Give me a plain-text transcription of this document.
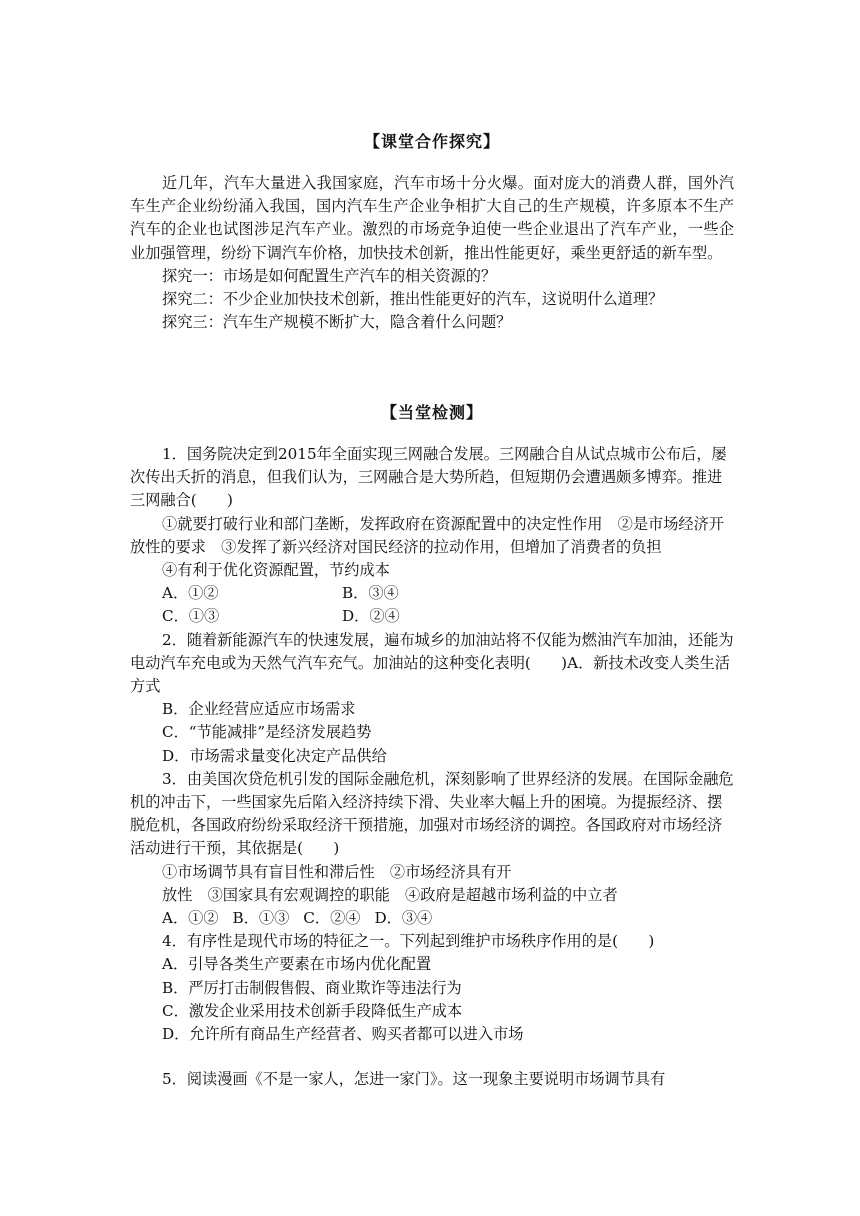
【课堂合作探究】

近几年，汽车大量进入我国家庭，汽车市场十分火爆。面对庞大的消费人群，国外汽车生产企业纷纷涌入我国，国内汽车生产企业争相扩大自己的生产规模，许多原本不生产汽车的企业也试图涉足汽车产业。激烈的市场竞争迫使一些企业退出了汽车产业，一些企业加强管理，纷纷下调汽车价格，加快技术创新，推出性能更好，乘坐更舒适的新车型。

探究一：市场是如何配置生产汽车的相关资源的？

探究二：不少企业加快技术创新，推出性能更好的汽车，这说明什么道理？

探究三：汽车生产规模不断扩大，隐含着什么问题？

【当堂检测】

1．国务院决定到2015年全面实现三网融合发展。三网融合自从试点城市公布后，屡次传出夭折的消息，但我们认为，三网融合是大势所趋，但短期仍会遭遇颇多博弈。推进三网融合(　　)

①就要打破行业和部门垄断，发挥政府在资源配置中的决定性作用　②是市场经济开放性的要求　③发挥了新兴经济对国民经济的拉动作用，但增加了消费者的负担

④有利于优化资源配置，节约成本

A．①②	B．③④
C．①③	D．②④

2．随着新能源汽车的快速发展，遍布城乡的加油站将不仅能为燃油汽车加油，还能为电动汽车充电或为天然气汽车充气。加油站的这种变化表明(　　)A．新技术改变人类生活方式

B．企业经营应适应市场需求

C．“节能减排”是经济发展趋势

D．市场需求量变化决定产品供给

3．由美国次贷危机引发的国际金融危机，深刻影响了世界经济的发展。在国际金融危机的冲击下，一些国家先后陷入经济持续下滑、失业率大幅上升的困境。为提振经济、摆脱危机，各国政府纷纷采取经济干预措施，加强对市场经济的调控。各国政府对市场经济活动进行干预，其依据是(　　)

①市场调节具有盲目性和滞后性　②市场经济具有开

放性　③国家具有宏观调控的职能　④政府是超越市场利益的中立者

A．①② B．①③ C．②④ D．③④

4．有序性是现代市场的特征之一。下列起到维护市场秩序作用的是(　　)

A．引导各类生产要素在市场内优化配置

B．严厉打击制假售假、商业欺诈等违法行为

C．激发企业采用技术创新手段降低生产成本

D．允许所有商品生产经营者、购买者都可以进入市场

5．阅读漫画《不是一家人，怎进一家门》。这一现象主要说明市场调节具有
